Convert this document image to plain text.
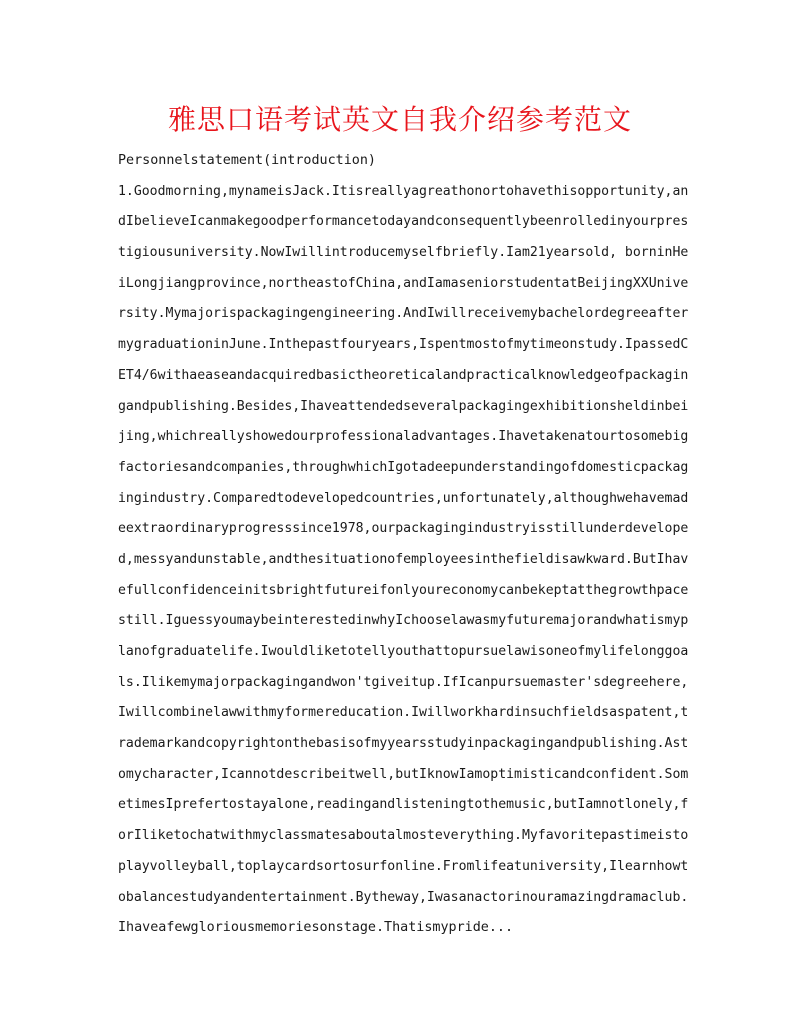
雅思口语考试英文自我介绍参考范文
Personnelstatement(introduction)
1.Goodmorning,mynameisJack.Itisreallyagreathonortohavethisopportunity,an
dIbelieveIcanmakegoodperformancetodayandconsequentlybeenrolledinyourpres
tigiousuniversity.NowIwillintroducemyselfbriefly.Iam21yearsold, borninHe
iLongjiangprovince,northeastofChina,andIamaseniorstudentatBeijingXXUnive
rsity.Mymajorispackagingengineering.AndIwillreceivemybachelordegreeafter
mygraduationinJune.Inthepastfouryears,Ispentmostofmytimeonstudy.IpassedC
ET4/6withaeaseandacquiredbasictheoreticalandpracticalknowledgeofpackagin
gandpublishing.Besides,Ihaveattendedseveralpackagingexhibitionsheldinbei
jing,whichreallyshowedourprofessionaladvantages.Ihavetakenatourtosomebig
factoriesandcompanies,throughwhichIgotadeepunderstandingofdomesticpackag
ingindustry.Comparedtodevelopedcountries,unfortunately,althoughwehavemad
eextraordinaryprogresssince1978,ourpackagingindustryisstillunderdevelope
d,messyandunstable,andthesituationofemployeesinthefieldisawkward.ButIhav
efullconfidenceinitsbrightfutureifonlyoureconomycanbekeptatthegrowthpace
still.IguessyoumaybeinterestedinwhyIchooselawasmyfuturemajorandwhatismyp
lanofgraduatelife.Iwouldliketotellyouthattopursuelawisoneofmylifelonggoa
ls.Ilikemymajorpackagingandwon'tgiveitup.IfIcanpursuemaster'sdegreehere,
Iwillcombinelawwithmyformereducation.Iwillworkhardinsuchfieldsaspatent,t
rademarkandcopyrightonthebasisofmyyearsstudyinpackagingandpublishing.Ast
omycharacter,Icannotdescribeitwell,butIknowIamoptimisticandconfident.Som
etimesIprefertostayalone,readingandlisteningtothemusic,butIamnotlonely,f
orIliketochatwithmyclassmatesaboutalmosteverything.Myfavoritepastimeisto
playvolleyball,toplaycardsortosurfonline.Fromlifeatuniversity,Ilearnhowt
obalancestudyandentertainment.Bytheway,Iwasanactorinouramazingdramaclub.
Ihaveafewgloriousmemoriesonstage.Thatismypride...
